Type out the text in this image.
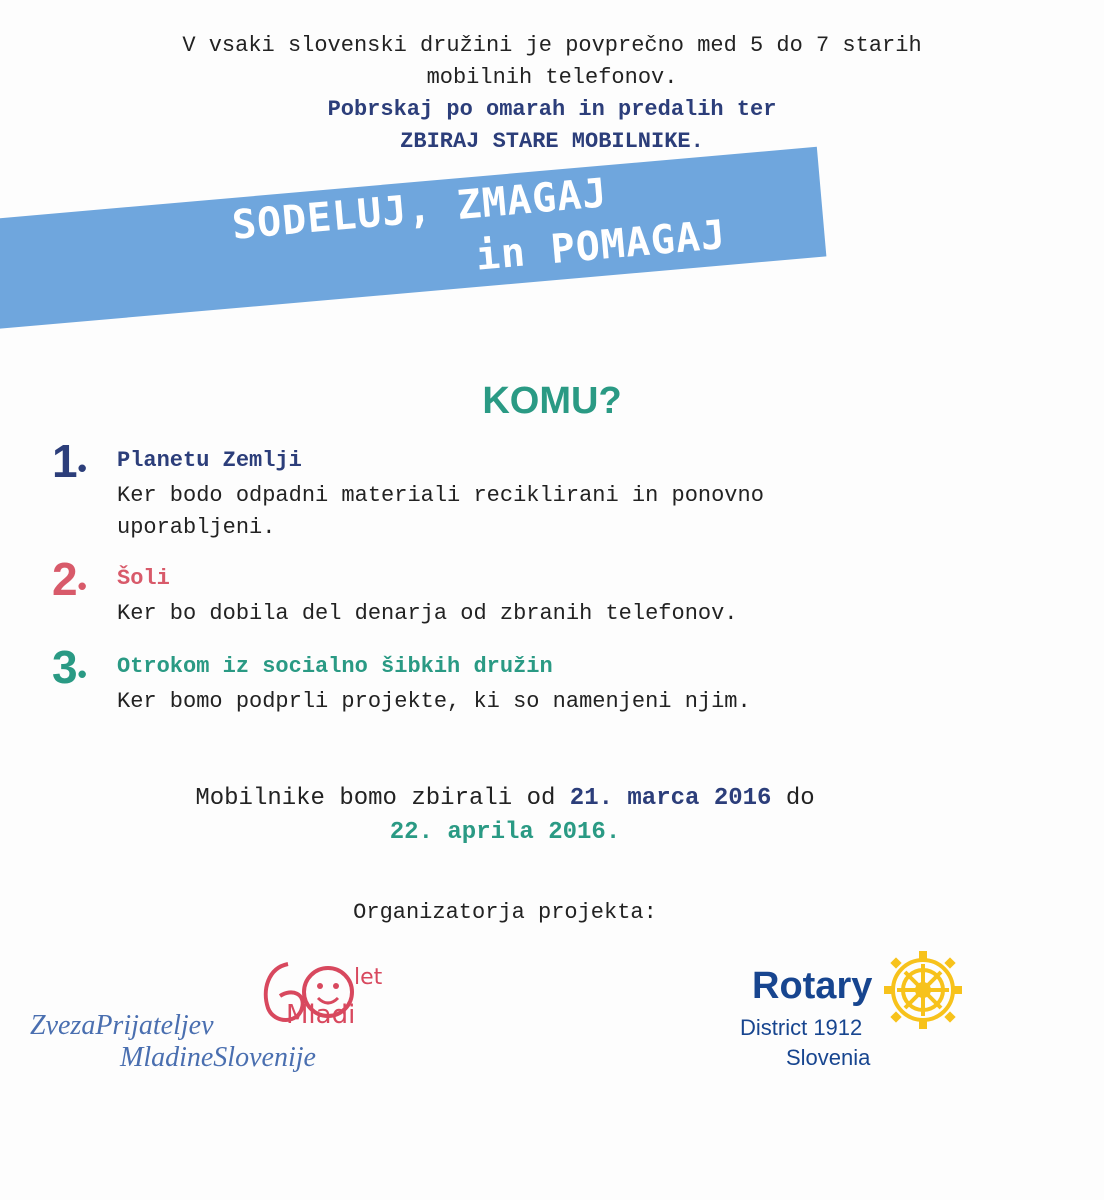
V vsaki slovenski družini je povprečno med 5 do 7 starih
mobilnih telefonov.
Pobrskaj po omarah in predalih ter
ZBIRAJ STARE MOBILNIKE.
SODELUJ, ZMAGAJ
in POMAGAJ
KOMU?
1• Planetu Zemlji
Ker bodo odpadni materiali reciklirani in ponovno uporabljeni.
2• Šoli
Ker bo dobila del denarja od zbranih telefonov.
3• Otrokom iz socialno šibkih družin
Ker bomo podprli projekte, ki so namenjeni njim.
Mobilnike bomo zbirali od 21. marca 2016 do
22. aprila 2016.
Organizatorja projekta:
let
Mladi
ZvezaPrijateljev
MladineSlovenije
Rotary
District 1912
Slovenia
